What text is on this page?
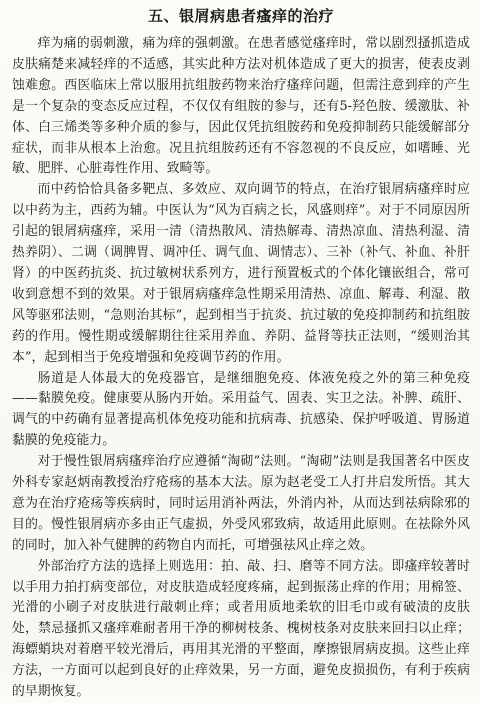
五、银屑病患者瘙痒的治疗

痒为痛的弱刺激，痛为痒的强刺激。在患者感觉瘙痒时，常以剧烈搔抓造成皮肤痛楚来减轻痒的不适感，其实此种方法对机体造成了更大的损害，使表皮剥蚀难愈。西医临床上常以服用抗组胺药物来治疗瘙痒问题，但需注意到痒的产生是一个复杂的变态反应过程，不仅仅有组胺的参与，还有5-羟色胺、缓激肽、补体、白三烯类等多种介质的参与，因此仅凭抗组胺药和免疫抑制药只能缓解部分症状，而非从根本上治愈。况且抗组胺药还有不容忽视的不良反应，如嗜睡、光敏、肥胖、心脏毒性作用、致畸等。

而中药恰恰具备多靶点、多效应、双向调节的特点，在治疗银屑病瘙痒时应以中药为主，西药为辅。中医认为“风为百病之长，风盛则痒”。对于不同原因所引起的银屑病瘙痒，采用一清（清热散风、清热解毒、清热凉血、清热利湿、清热养阴）、二调（调脾胃、调冲任、调气血、调情志）、三补（补气、补血、补肝肾）的中医药抗炎、抗过敏树状系列方，进行预置板式的个体化镶嵌组合，常可收到意想不到的效果。对于银屑病瘙痒急性期采用清热、凉血、解毒、利湿、散风等驱邪法则，“急则治其标”，起到相当于抗炎、抗过敏的免疫抑制药和抗组胺药的作用。慢性期或缓解期往往采用养血、养阴、益肾等扶正法则，“缓则治其本”，起到相当于免疫增强和免疫调节药的作用。

肠道是人体最大的免疫器官，是继细胞免疫、体液免疫之外的第三种免疫——黏膜免疫。健康要从肠内开始。采用益气、固表、实卫之法。补脾、疏肝、调气的中药确有显著提高机体免疫功能和抗病毒、抗感染、保护呼吸道、胃肠道黏膜的免疫能力。

对于慢性银屑病瘙痒治疗应遵循“淘砌”法则。“淘砌”法则是我国著名中医皮外科专家赵炳南教授治疗疮疡的基本大法。原为赵老受工人打井启发所悟。其大意为在治疗疮疡等疾病时，同时运用消补两法，外消内补，从而达到祛病除邪的目的。慢性银屑病亦多由正气虚损，外受风邪致病，故适用此原则。在祛除外风的同时，加入补气健脾的药物自内而托，可增强祛风止痒之效。

外部治疗方法的选择上则选用：拍、敲、扫、磨等不同方法。即瘙痒较著时以手用力拍打病变部位，对皮肤造成轻度疼痛，起到振荡止痒的作用；用棉签、光滑的小刷子对皮肤进行敲刺止痒；或者用质地柔软的旧毛巾或有破渍的皮肤处，禁忌搔抓又瘙痒难耐者用干净的柳树枝条、槐树枝条对皮肤来回扫以止痒；海螵蛸块对着磨平较光滑后，再用其光滑的平整面，摩擦银屑病皮损。这些止痒方法，一方面可以起到良好的止痒效果，另一方面，避免皮损损伤，有利于疾病的早期恢复。
